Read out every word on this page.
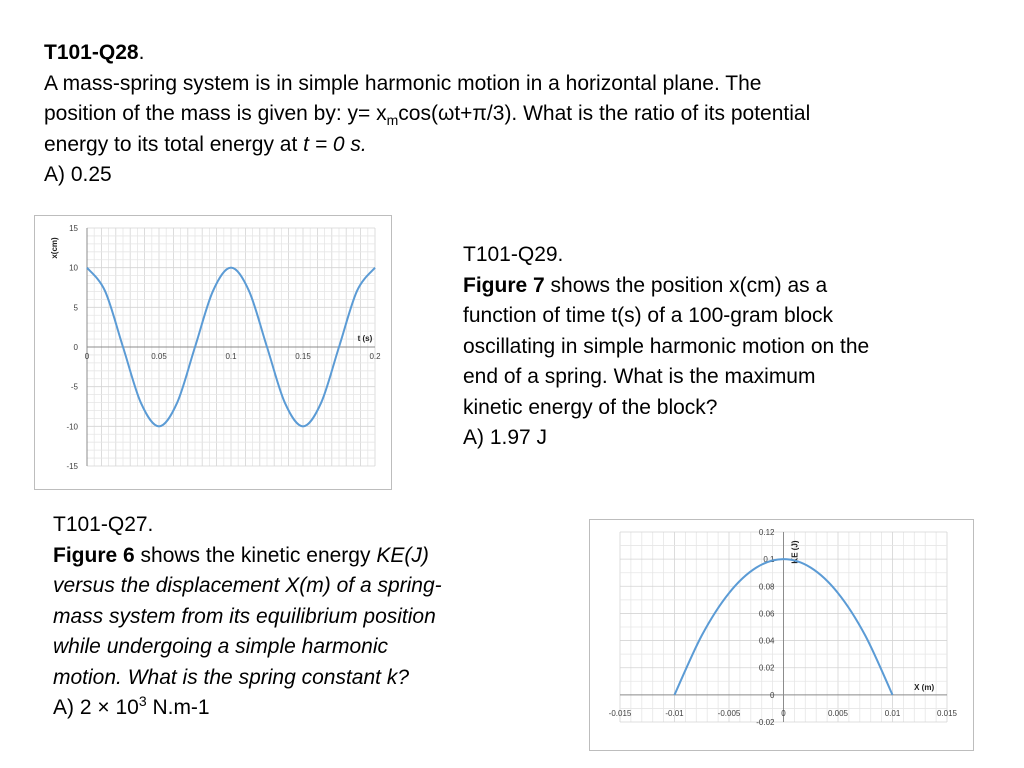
T101-Q28.
A mass-spring system is in simple harmonic motion in a horizontal plane. The
position of the mass is given by: $y= x_m\cos(\omega t+\pi/3)$. What is the ratio of its potential
energy to its total energy at t = 0 s.
A) 0.25
15
10
5
0
-5
-10
-15
0	0.05	0.1	0.15	0.2
x(cm)
t (s)
T101-Q29.
Figure 7 shows the position x(cm) as a
function of time t(s) of a 100-gram block
oscillating in simple harmonic motion on the
end of a spring. What is the maximum
kinetic energy of the block?
A) 1.97 J
T101-Q27.
Figure 6 shows the kinetic energy KE(J)
versus the displacement X(m) of a spring-
mass system from its equilibrium position
while undergoing a simple harmonic
motion. What is the spring constant k?
A) $2 \times 10^3$ N.m-1
0.12
0.1
0.08
0.06
0.04
0.02
0
-0.02
-0.015	-0.01	-0.005	0	0.005	0.01	0.015
KE (J)
X (m)
